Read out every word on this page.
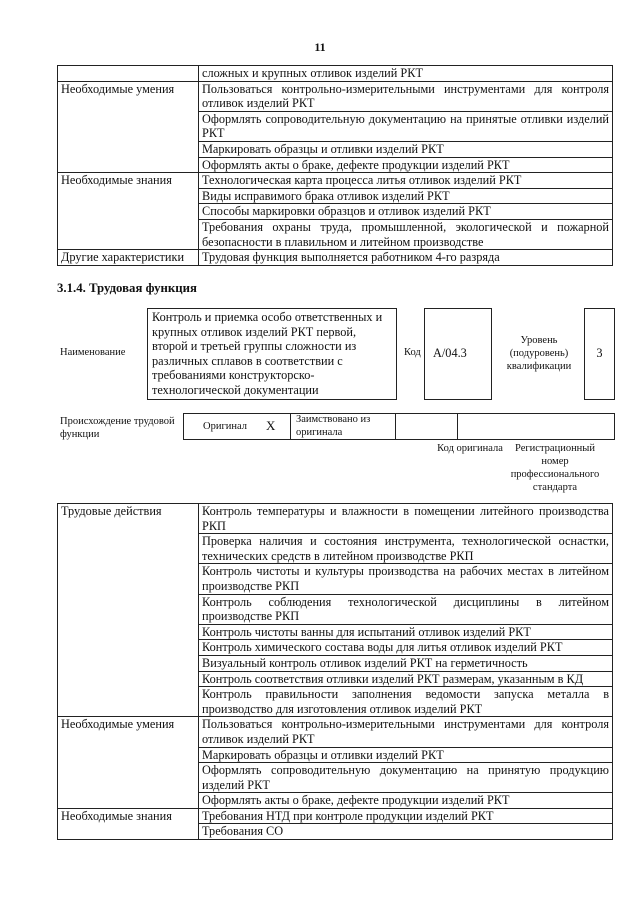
11
	сложных и крупных отливок изделий РКТ
Необходимые умения	Пользоваться контрольно-измерительными инструментами для контроля отливок изделий РКТ
	Оформлять сопроводительную документацию на принятые отливки изделий РКТ
	Маркировать образцы и отливки изделий РКТ
	Оформлять акты о браке, дефекте продукции изделий РКТ
Необходимые знания	Технологическая карта процесса литья отливок изделий РКТ
	Виды исправимого брака отливок изделий РКТ
	Способы маркировки образцов и отливок изделий РКТ
	Требования охраны труда, промышленной, экологической и пожарной безопасности в плавильном и литейном производстве
Другие характеристики	Трудовая функция выполняется работником 4-го разряда
3.1.4. Трудовая функция
Наименование
Контроль и приемка особо ответственных и крупных отливок изделий РКТ первой, второй и третьей группы сложности из различных сплавов в соответствии с требованиями конструкторско-технологической документации
Код A/04.3
Уровень (подуровень) квалификации
3
Происхождение трудовой функции
Оригинал X Заимствовано из оригинала
Код оригинала	Регистрационный номер профессионального стандарта
Трудовые действия	Контроль температуры и влажности в помещении литейного производства РКП
	Проверка наличия и состояния инструмента, технологической оснастки, технических средств в литейном производстве РКП
	Контроль чистоты и культуры производства на рабочих местах в литейном производстве РКП
	Контроль соблюдения технологической дисциплины в литейном производстве РКП
	Контроль чистоты ванны для испытаний отливок изделий РКТ
	Контроль химического состава воды для литья отливок изделий РКТ
	Визуальный контроль отливок изделий РКТ на герметичность
	Контроль соответствия отливки изделий РКТ размерам, указанным в КД
	Контроль правильности заполнения ведомости запуска металла в производство для изготовления отливок изделий РКТ
Необходимые умения	Пользоваться контрольно-измерительными инструментами для контроля отливок изделий РКТ
	Маркировать образцы и отливки изделий РКТ
	Оформлять сопроводительную документацию на принятую продукцию изделий РКТ
	Оформлять акты о браке, дефекте продукции изделий РКТ
Необходимые знания	Требования НТД при контроле продукции изделий РКТ
	Требования СО
